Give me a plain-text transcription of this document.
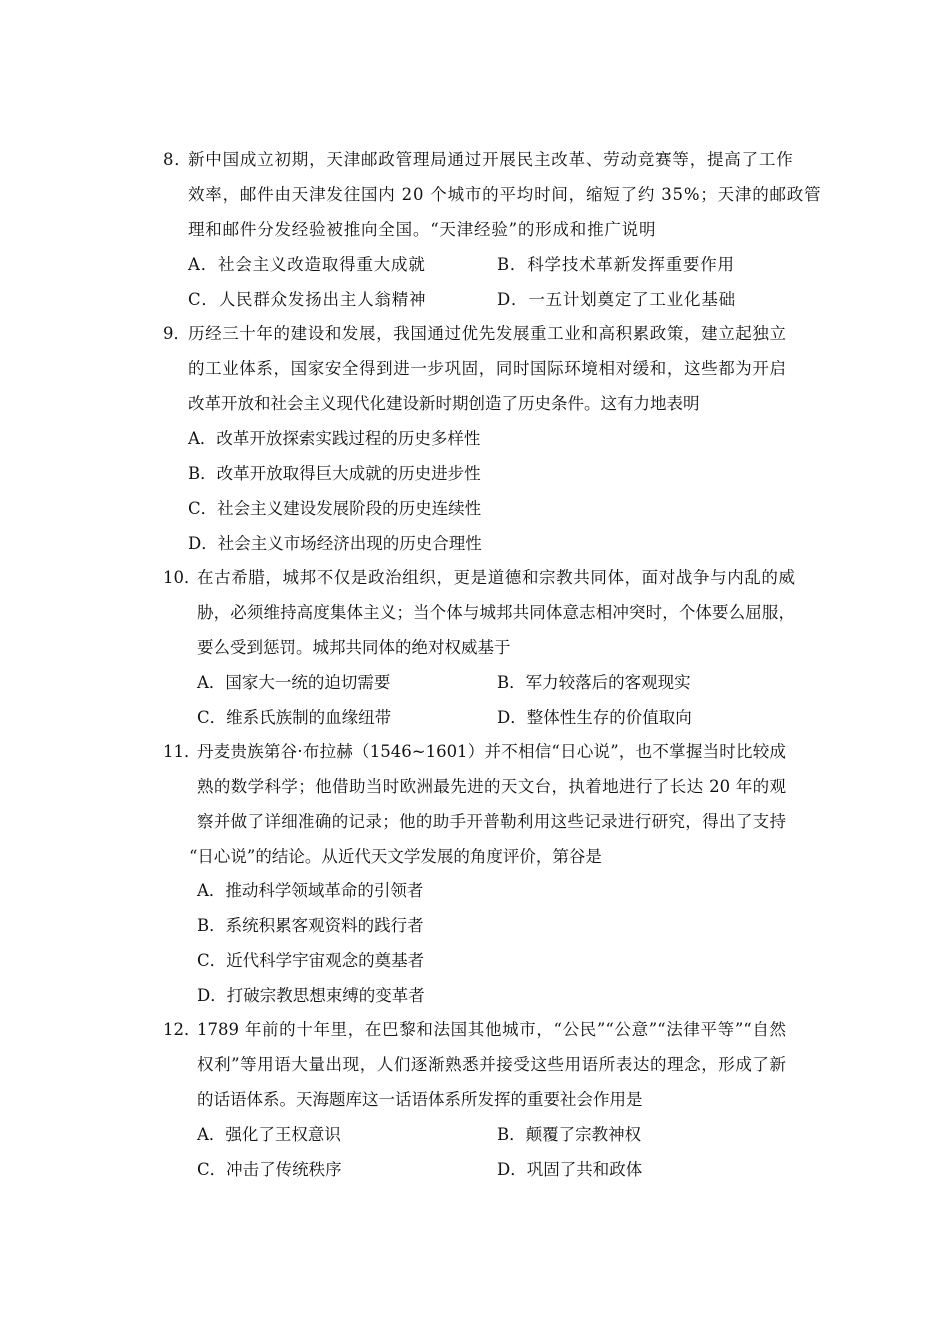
8．
新中国成立初期，天津邮政管理局通过开展民主改革、劳动竞赛等，提高了工作
效率，邮件由天津发往国内 20 个城市的平均时间，缩短了约 35%；天津的邮政管
理和邮件分发经验被推向全国。“天津经验”的形成和推广说明
A．社会主义改造取得重大成就	B．科学技术革新发挥重要作用
C．人民群众发扬出主人翁精神	D．一五计划奠定了工业化基础
9．
历经三十年的建设和发展，我国通过优先发展重工业和高积累政策，建立起独立
的工业体系，国家安全得到进一步巩固，同时国际环境相对缓和，这些都为开启
改革开放和社会主义现代化建设新时期创造了历史条件。这有力地表明
A．改革开放探索实践过程的历史多样性
B．改革开放取得巨大成就的历史进步性
C．社会主义建设发展阶段的历史连续性
D．社会主义市场经济出现的历史合理性
10．
在古希腊，城邦不仅是政治组织，更是道德和宗教共同体，面对战争与内乱的威
胁，必须维持高度集体主义；当个体与城邦共同体意志相冲突时，个体要么屈服，
要么受到惩罚。城邦共同体的绝对权威基于
A．国家大一统的迫切需要	B．军力较落后的客观现实
C．维系氏族制的血缘纽带	D．整体性生存的价值取向
11．
丹麦贵族第谷·布拉赫（1546~1601）并不相信“日心说”，也不掌握当时比较成
熟的数学科学；他借助当时欧洲最先进的天文台，执着地进行了长达 20 年的观
察并做了详细准确的记录；他的助手开普勒利用这些记录进行研究，得出了支持
“日心说”的结论。从近代天文学发展的角度评价，第谷是
A．推动科学领域革命的引领者
B．系统积累客观资料的践行者
C．近代科学宇宙观念的奠基者
D．打破宗教思想束缚的变革者
12．
1789 年前的十年里，在巴黎和法国其他城市，“公民”“公意”“法律平等”“自然
权利”等用语大量出现，人们逐渐熟悉并接受这些用语所表达的理念，形成了新
的话语体系。天海题库这一话语体系所发挥的重要社会作用是
A．强化了王权意识	B．颠覆了宗教神权
C．冲击了传统秩序	D．巩固了共和政体
